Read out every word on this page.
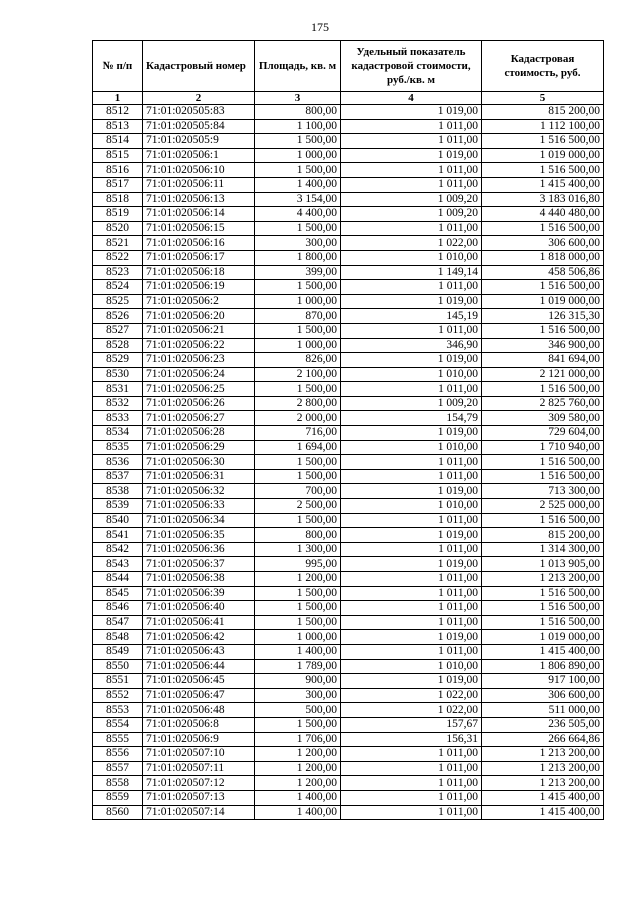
175
№ п/п	Кадастровый номер	Площадь, кв. м	Удельный показатель кадастровой стоимости, руб./кв. м	Кадастровая стоимость, руб.
1	2	3	4	5
8512	71:01:020505:83	800,00	1 019,00	815 200,00
8513	71:01:020505:84	1 100,00	1 011,00	1 112 100,00
8514	71:01:020505:9	1 500,00	1 011,00	1 516 500,00
8515	71:01:020506:1	1 000,00	1 019,00	1 019 000,00
8516	71:01:020506:10	1 500,00	1 011,00	1 516 500,00
8517	71:01:020506:11	1 400,00	1 011,00	1 415 400,00
8518	71:01:020506:13	3 154,00	1 009,20	3 183 016,80
8519	71:01:020506:14	4 400,00	1 009,20	4 440 480,00
8520	71:01:020506:15	1 500,00	1 011,00	1 516 500,00
8521	71:01:020506:16	300,00	1 022,00	306 600,00
8522	71:01:020506:17	1 800,00	1 010,00	1 818 000,00
8523	71:01:020506:18	399,00	1 149,14	458 506,86
8524	71:01:020506:19	1 500,00	1 011,00	1 516 500,00
8525	71:01:020506:2	1 000,00	1 019,00	1 019 000,00
8526	71:01:020506:20	870,00	145,19	126 315,30
8527	71:01:020506:21	1 500,00	1 011,00	1 516 500,00
8528	71:01:020506:22	1 000,00	346,90	346 900,00
8529	71:01:020506:23	826,00	1 019,00	841 694,00
8530	71:01:020506:24	2 100,00	1 010,00	2 121 000,00
8531	71:01:020506:25	1 500,00	1 011,00	1 516 500,00
8532	71:01:020506:26	2 800,00	1 009,20	2 825 760,00
8533	71:01:020506:27	2 000,00	154,79	309 580,00
8534	71:01:020506:28	716,00	1 019,00	729 604,00
8535	71:01:020506:29	1 694,00	1 010,00	1 710 940,00
8536	71:01:020506:30	1 500,00	1 011,00	1 516 500,00
8537	71:01:020506:31	1 500,00	1 011,00	1 516 500,00
8538	71:01:020506:32	700,00	1 019,00	713 300,00
8539	71:01:020506:33	2 500,00	1 010,00	2 525 000,00
8540	71:01:020506:34	1 500,00	1 011,00	1 516 500,00
8541	71:01:020506:35	800,00	1 019,00	815 200,00
8542	71:01:020506:36	1 300,00	1 011,00	1 314 300,00
8543	71:01:020506:37	995,00	1 019,00	1 013 905,00
8544	71:01:020506:38	1 200,00	1 011,00	1 213 200,00
8545	71:01:020506:39	1 500,00	1 011,00	1 516 500,00
8546	71:01:020506:40	1 500,00	1 011,00	1 516 500,00
8547	71:01:020506:41	1 500,00	1 011,00	1 516 500,00
8548	71:01:020506:42	1 000,00	1 019,00	1 019 000,00
8549	71:01:020506:43	1 400,00	1 011,00	1 415 400,00
8550	71:01:020506:44	1 789,00	1 010,00	1 806 890,00
8551	71:01:020506:45	900,00	1 019,00	917 100,00
8552	71:01:020506:47	300,00	1 022,00	306 600,00
8553	71:01:020506:48	500,00	1 022,00	511 000,00
8554	71:01:020506:8	1 500,00	157,67	236 505,00
8555	71:01:020506:9	1 706,00	156,31	266 664,86
8556	71:01:020507:10	1 200,00	1 011,00	1 213 200,00
8557	71:01:020507:11	1 200,00	1 011,00	1 213 200,00
8558	71:01:020507:12	1 200,00	1 011,00	1 213 200,00
8559	71:01:020507:13	1 400,00	1 011,00	1 415 400,00
8560	71:01:020507:14	1 400,00	1 011,00	1 415 400,00
